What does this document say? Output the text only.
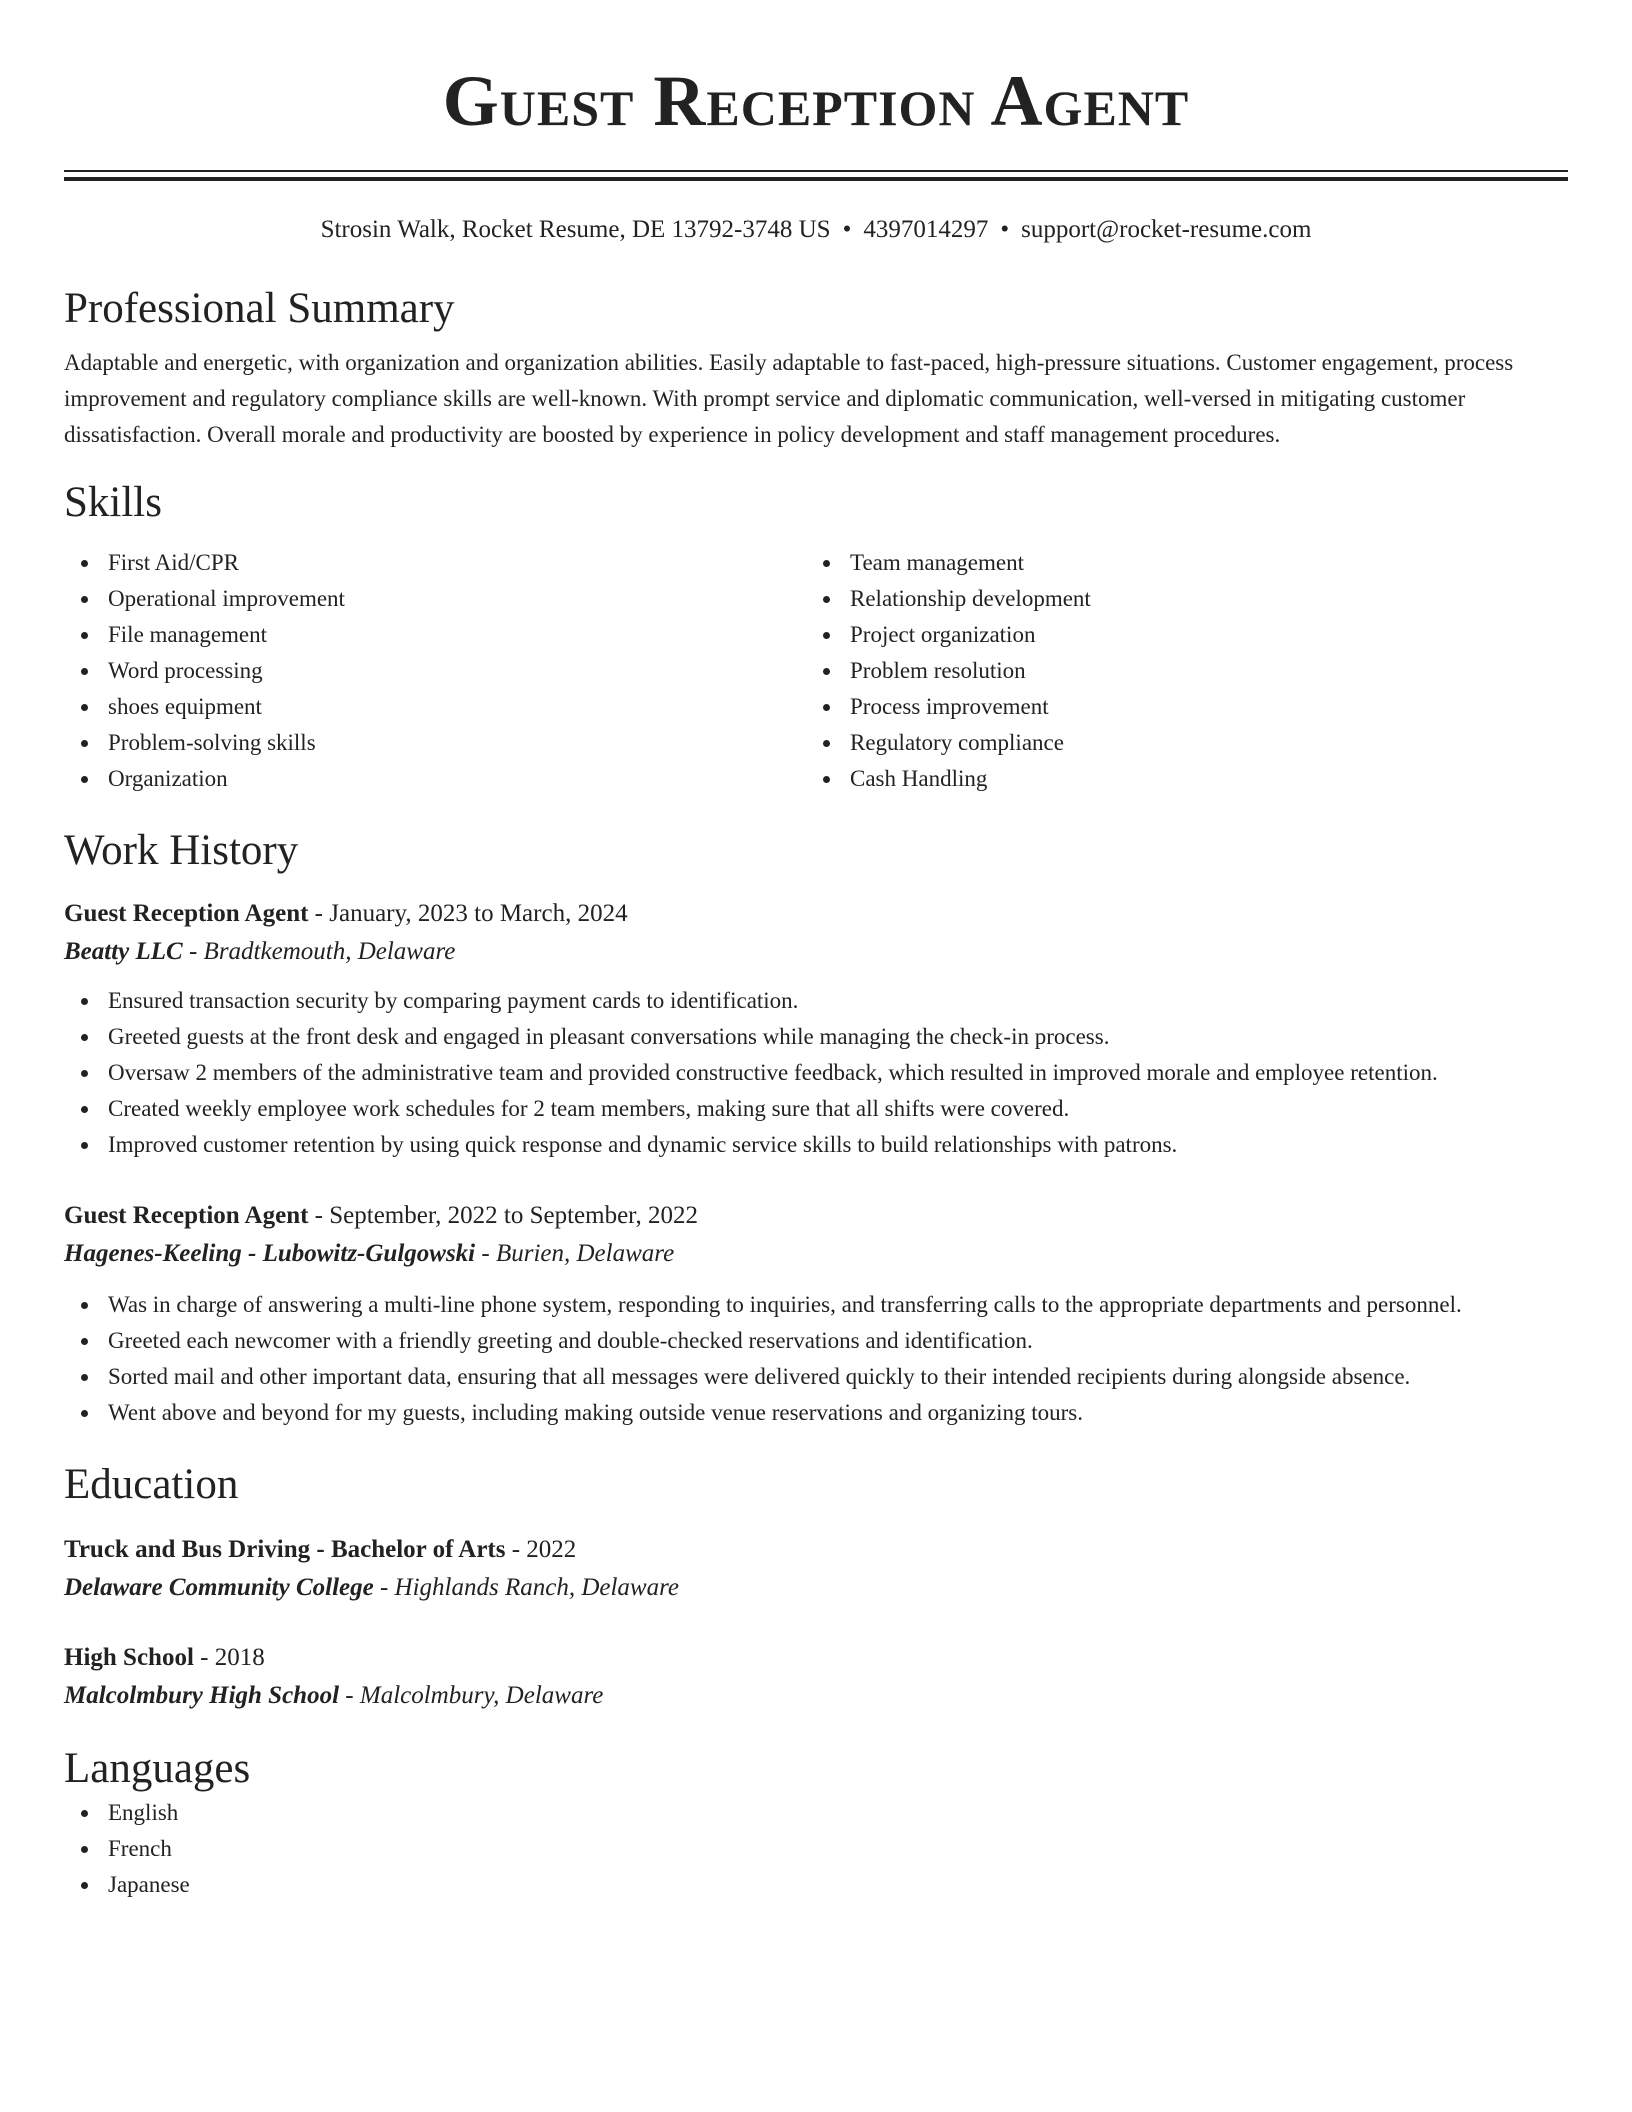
Guest Reception Agent
Strosin Walk, Rocket Resume, DE 13792-3748 US • 4397014297 • support@rocket-resume.com
Professional Summary
Adaptable and energetic, with organization and organization abilities. Easily adaptable to fast-paced, high-pressure situations. Customer engagement, process improvement and regulatory compliance skills are well-known. With prompt service and diplomatic communication, well-versed in mitigating customer dissatisfaction. Overall morale and productivity are boosted by experience in policy development and staff management procedures.
Skills
First Aid/CPR
Operational improvement
File management
Word processing
shoes equipment
Problem-solving skills
Organization
Team management
Relationship development
Project organization
Problem resolution
Process improvement
Regulatory compliance
Cash Handling
Work History
Guest Reception Agent - January, 2023 to March, 2024
Beatty LLC - Bradtkemouth, Delaware
Ensured transaction security by comparing payment cards to identification.
Greeted guests at the front desk and engaged in pleasant conversations while managing the check-in process.
Oversaw 2 members of the administrative team and provided constructive feedback, which resulted in improved morale and employee retention.
Created weekly employee work schedules for 2 team members, making sure that all shifts were covered.
Improved customer retention by using quick response and dynamic service skills to build relationships with patrons.
Guest Reception Agent - September, 2022 to September, 2022
Hagenes-Keeling - Lubowitz-Gulgowski - Burien, Delaware
Was in charge of answering a multi-line phone system, responding to inquiries, and transferring calls to the appropriate departments and personnel.
Greeted each newcomer with a friendly greeting and double-checked reservations and identification.
Sorted mail and other important data, ensuring that all messages were delivered quickly to their intended recipients during alongside absence.
Went above and beyond for my guests, including making outside venue reservations and organizing tours.
Education
Truck and Bus Driving - Bachelor of Arts - 2022
Delaware Community College - Highlands Ranch, Delaware
High School - 2018
Malcolmbury High School - Malcolmbury, Delaware
Languages
English
French
Japanese
